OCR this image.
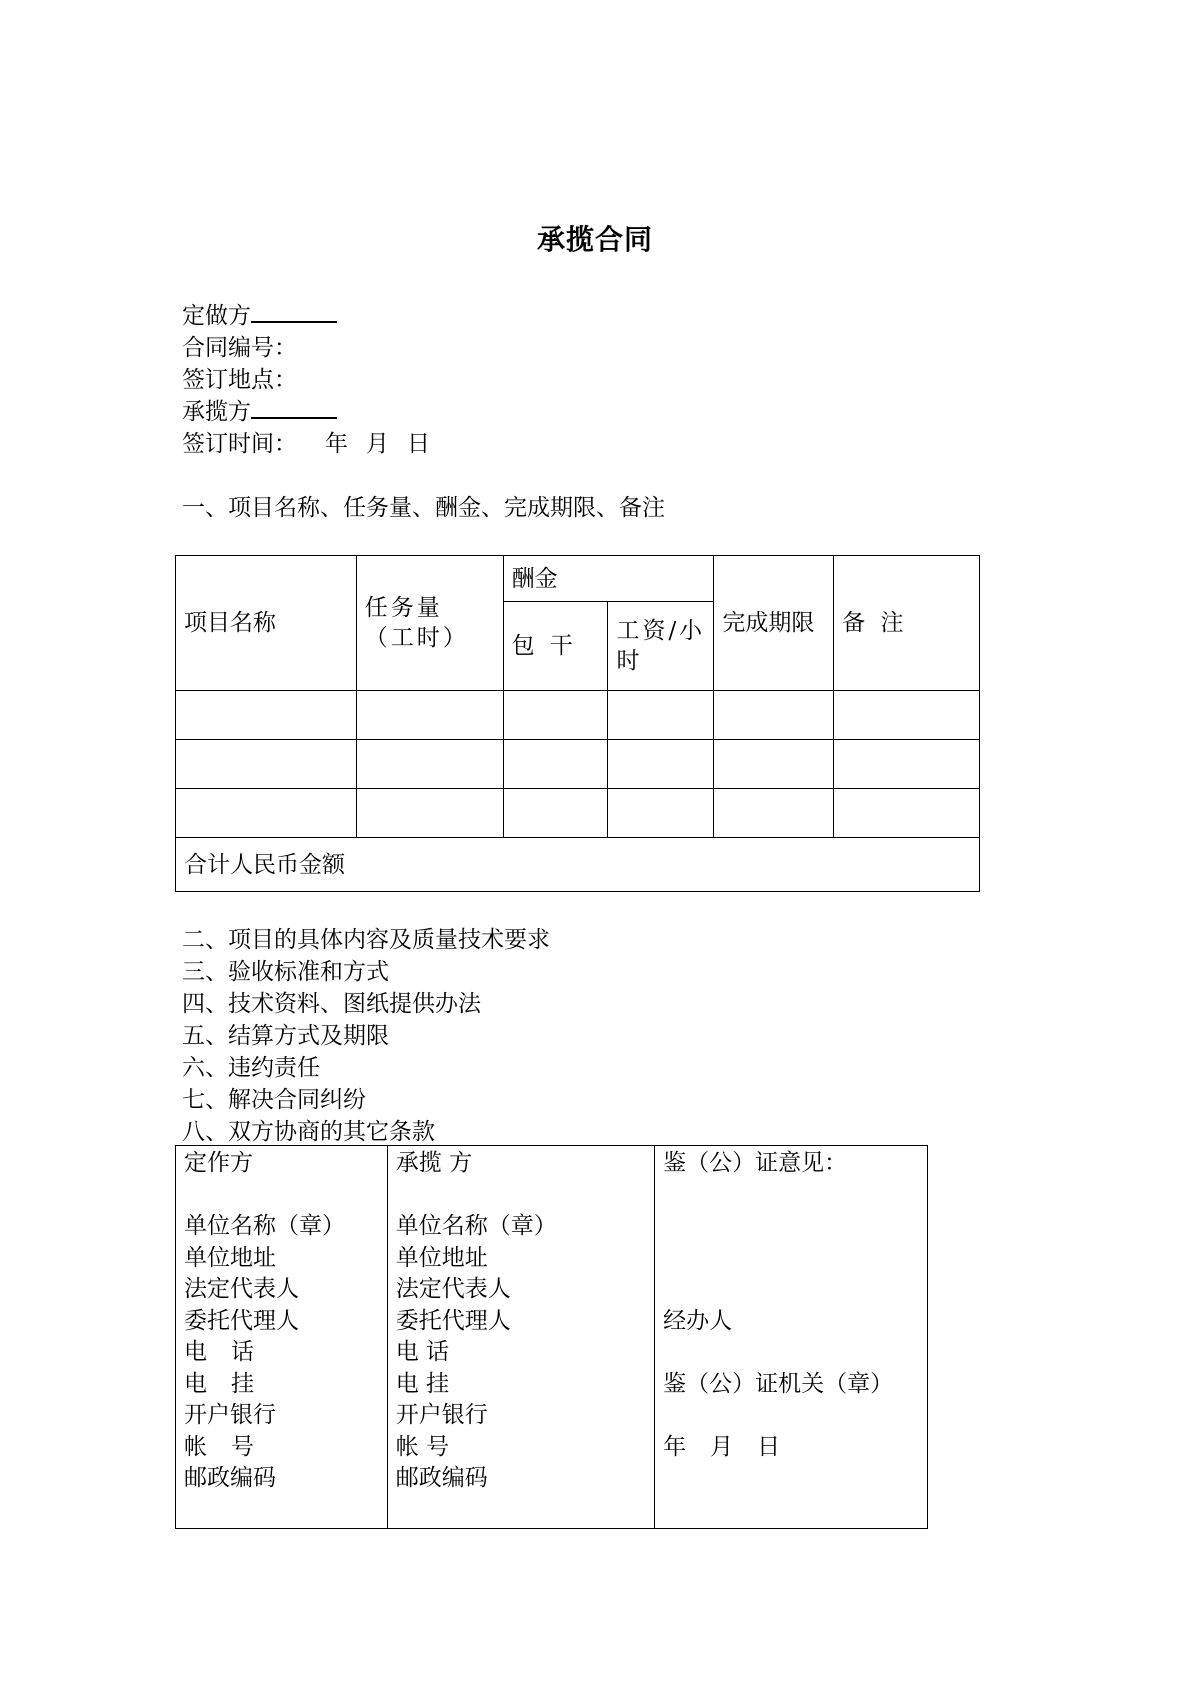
承揽合同
定做方
合同编号：
签订地点：
承揽方
签订时间： 年 月 日
一、项目名称、任务量、酬金、完成期限、备注
项目名称	任务量（工时）	酬金		完成期限	备 注
		包 干	工资/小时		

合计人民币金额					
二、项目的具体内容及质量技术要求
三、验收标准和方式
四、技术资料、图纸提供办法
五、结算方式及期限
六、违约责任
七、解决合同纠纷
八、双方协商的其它条款
定作方
单位名称（章）
单位地址
法定代表人
委托代理人
电 话
电 挂
开户银行
帐 号
邮政编码

承揽 方
单位名称（章）
单位地址
法定代表人
委托代理人
电 话
电 挂
开户银行
帐 号
邮政编码

鉴（公）证意见：
经办人
鉴（公）证机关（章）
年 月 日
